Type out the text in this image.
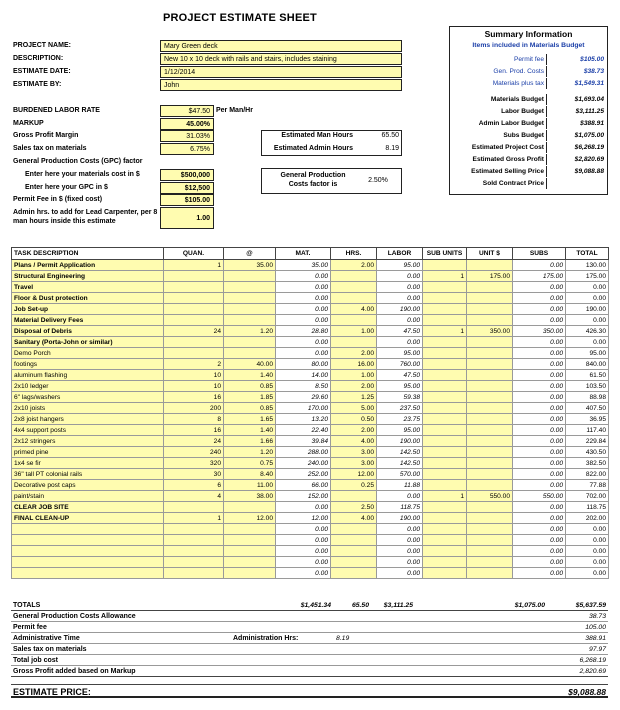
PROJECT ESTIMATE SHEET
PROJECT NAME:	Mary Green deck
DESCRIPTION:	New 10 x 10 deck with rails and stairs, includes staining
ESTIMATE DATE:	1/12/2014
ESTIMATE BY:	John
BURDENED LABOR RATE	$47.50 Per Man/Hr
MARKUP	45.00%
Gross Profit Margin	31.03%
Sales tax on materials	6.75%
General Production Costs (GPC) factor
Enter here your materials cost in $	$500,000
Enter here your GPC in $	$12,500
Permit Fee in $ (fixed cost)	$105.00
Admin hrs. to add for Lead Carpenter, per 8
man hours inside this estimate	1.00
Estimated Man Hours	65.50
Estimated Admin Hours	8.19
General Production
Costs factor is
2.50%
Summary Information
Items included in Materials Budget
Permit fee	$105.00
Gen. Prod. Costs	$38.73
Materials plus tax	$1,549.31
Materials Budget	$1,693.04
Labor Budget	$3,111.25
Admin Labor Budget	$388.91
Subs Budget	$1,075.00
Estimated Project Cost	$6,268.19
Estimated Gross Profit	$2,820.69
Estimated Selling Price	$9,088.88
Sold Contract Price
TASK DESCRIPTION	QUAN.	@	MAT.	HRS.	LABOR	SUB UNITS	UNIT $	SUBS	TOTAL
Plans / Permit Application	1	35.00	35.00	2.00	95.00			0.00	130.00
Structural Engineering			0.00		0.00	1	175.00	175.00	175.00
Travel			0.00		0.00			0.00	0.00
Floor & Dust protection			0.00		0.00			0.00	0.00
Job Set-up			0.00	4.00	190.00			0.00	190.00
Material Delivery Fees			0.00		0.00			0.00	0.00
Disposal of Debris	24	1.20	28.80	1.00	47.50	1	350.00	350.00	426.30
Sanitary (Porta-John or similar)			0.00		0.00			0.00	0.00
Demo Porch			0.00	2.00	95.00			0.00	95.00
footings	2	40.00	80.00	16.00	760.00			0.00	840.00
aluminum flashing	10	1.40	14.00	1.00	47.50			0.00	61.50
2x10 ledger	10	0.85	8.50	2.00	95.00			0.00	103.50
6" lags/washers	16	1.85	29.60	1.25	59.38			0.00	88.98
2x10 joists	200	0.85	170.00	5.00	237.50			0.00	407.50
2x8 joist hangers	8	1.65	13.20	0.50	23.75			0.00	36.95
4x4 support posts	16	1.40	22.40	2.00	95.00			0.00	117.40
2x12 stringers	24	1.66	39.84	4.00	190.00			0.00	229.84
primed pine	240	1.20	288.00	3.00	142.50			0.00	430.50
1x4 se fir	320	0.75	240.00	3.00	142.50			0.00	382.50
36" tall PT colonial rails	30	8.40	252.00	12.00	570.00			0.00	822.00
Decorative post caps	6	11.00	66.00	0.25	11.88			0.00	77.88
paint/stain	4	38.00	152.00		0.00	1	550.00	550.00	702.00
CLEAR JOB SITE			0.00	2.50	118.75			0.00	118.75
FINAL CLEAN-UP	1	12.00	12.00	4.00	190.00			0.00	202.00
			0.00		0.00			0.00	0.00
			0.00		0.00			0.00	0.00
			0.00		0.00			0.00	0.00
			0.00		0.00			0.00	0.00
			0.00		0.00			0.00	0.00
TOTALS	$1,451.34	65.50	$3,111.25	$1,075.00	$5,637.59
General Production Costs Allowance	38.73
Permit fee	105.00
Administrative Time	Administration Hrs:	8.19	388.91
Sales tax on materials	97.97
Total job cost	6,268.19
Gross Profit added based on Markup	2,820.69
ESTIMATE PRICE:	$9,088.88
